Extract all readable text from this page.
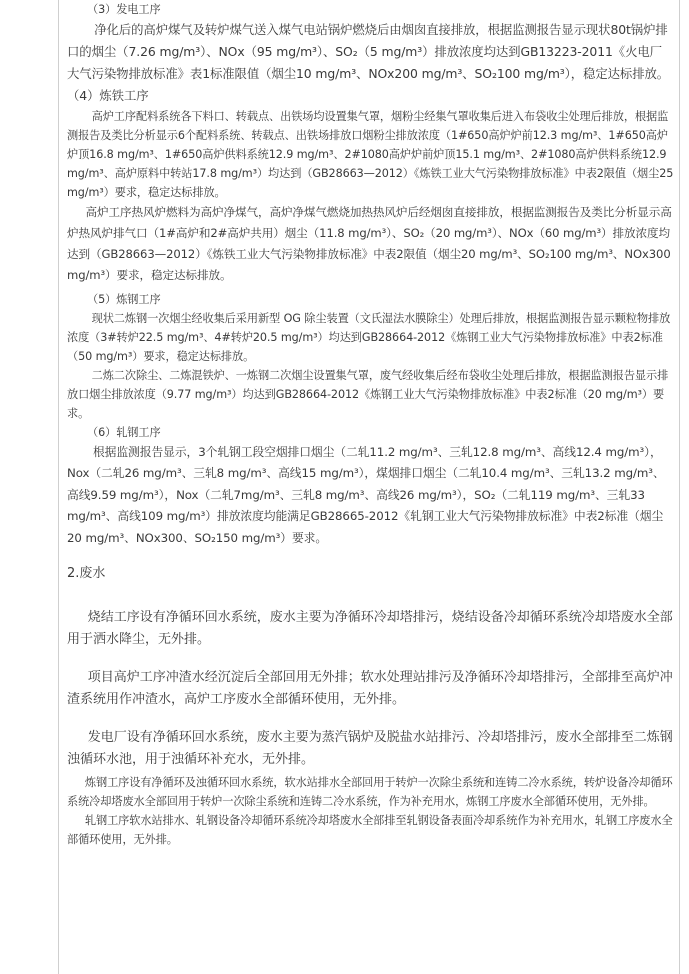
（3）发电工序

净化后的高炉煤气及转炉煤气送入煤气电站锅炉燃烧后由烟囱直接排放，根据监测报告显示现状80t锅炉排口的烟尘（7.26 mg/m³）、NOx（95 mg/m³）、SO₂（5 mg/m³）排放浓度均达到GB13223-2011《火电厂大气污染物排放标准》表1标准限值（烟尘10 mg/m³、NOx200 mg/m³、SO₂100 mg/m³），稳定达标排放。（4）炼铁工序

高炉工序配料系统各下料口、转载点、出铁场均设置集气罩，烟粉尘经集气罩收集后进入布袋收尘处理后排放，根据监测报告及类比分析显示6个配料系统、转载点、出铁场排放口烟粉尘排放浓度（1#650高炉炉前12.3 mg/m³、1#650高炉炉顶16.8 mg/m³、1#650高炉供料系统12.9 mg/m³、2#1080高炉炉前炉顶15.1 mg/m³、2#1080高炉供料系统12.9 mg/m³、高炉原料中转站17.8 mg/m³）均达到（GB28663—2012）《炼铁工业大气污染物排放标准》中表2限值（烟尘25 mg/m³）要求，稳定达标排放。

高炉工序热风炉燃料为高炉净煤气，高炉净煤气燃烧加热热风炉后经烟囱直接排放，根据监测报告及类比分析显示高炉热风炉排气口（1#高炉和2#高炉共用）烟尘（11.8 mg/m³）、SO₂（20 mg/m³）、NOx（60 mg/m³）排放浓度均达到（GB28663—2012）《炼铁工业大气污染物排放标准》中表2限值（烟尘20 mg/m³、SO₂100 mg/m³、NOx300 mg/m³）要求，稳定达标排放。

（5）炼钢工序

现状二炼钢一次烟尘经收集后采用新型 OG 除尘装置（文氏湿法水膜除尘）处理后排放，根据监测报告显示颗粒物排放浓度（3#转炉22.5 mg/m³、4#转炉20.5 mg/m³）均达到GB28664-2012《炼钢工业大气污染物排放标准》中表2标准（50 mg/m³）要求，稳定达标排放。

二炼二次除尘、二炼混铁炉、一炼钢二次烟尘设置集气罩，废气经收集后经布袋收尘处理后排放，根据监测报告显示排放口烟尘排放浓度（9.77 mg/m³）均达到GB28664-2012《炼钢工业大气污染物排放标准》中表2标准（20 mg/m³）要求。

（6）轧钢工序

根据监测报告显示，3个轧钢工段空烟排口烟尘（二轧11.2 mg/m³、三轧12.8 mg/m³、高线12.4 mg/m³），Nox（二轧26 mg/m³、三轧8 mg/m³、高线15 mg/m³），煤烟排口烟尘（二轧10.4 mg/m³、三轧13.2 mg/m³、高线9.59 mg/m³），Nox（二轧7mg/m³、三轧8 mg/m³、高线26 mg/m³），SO₂（二轧119 mg/m³、三轧33 mg/m³、高线109 mg/m³）排放浓度均能满足GB28665-2012《轧钢工业大气污染物排放标准》中表2标准（烟尘20 mg/m³、NOx300、SO₂150 mg/m³）要求。

2.废水

烧结工序设有净循环回水系统，废水主要为净循环冷却塔排污，烧结设备冷却循环系统冷却塔废水全部用于洒水降尘，无外排。

项目高炉工序冲渣水经沉淀后全部回用无外排；软水处理站排污及净循环冷却塔排污，全部排至高炉冲渣系统用作冲渣水，高炉工序废水全部循环使用，无外排。

发电厂设有净循环回水系统，废水主要为蒸汽锅炉及脱盐水站排污、冷却塔排污，废水全部排至二炼钢浊循环水池，用于浊循环补充水，无外排。

炼钢工序设有净循环及浊循环回水系统，软水站排水全部回用于转炉一次除尘系统和连铸二冷水系统，转炉设备冷却循环系统冷却塔废水全部回用于转炉一次除尘系统和连铸二冷水系统，作为补充用水，炼钢工序废水全部循环使用，无外排。

轧钢工序软水站排水、轧钢设备冷却循环系统冷却塔废水全部排至轧钢设备表面冷却系统作为补充用水，轧钢工序废水全部循环使用，无外排。
